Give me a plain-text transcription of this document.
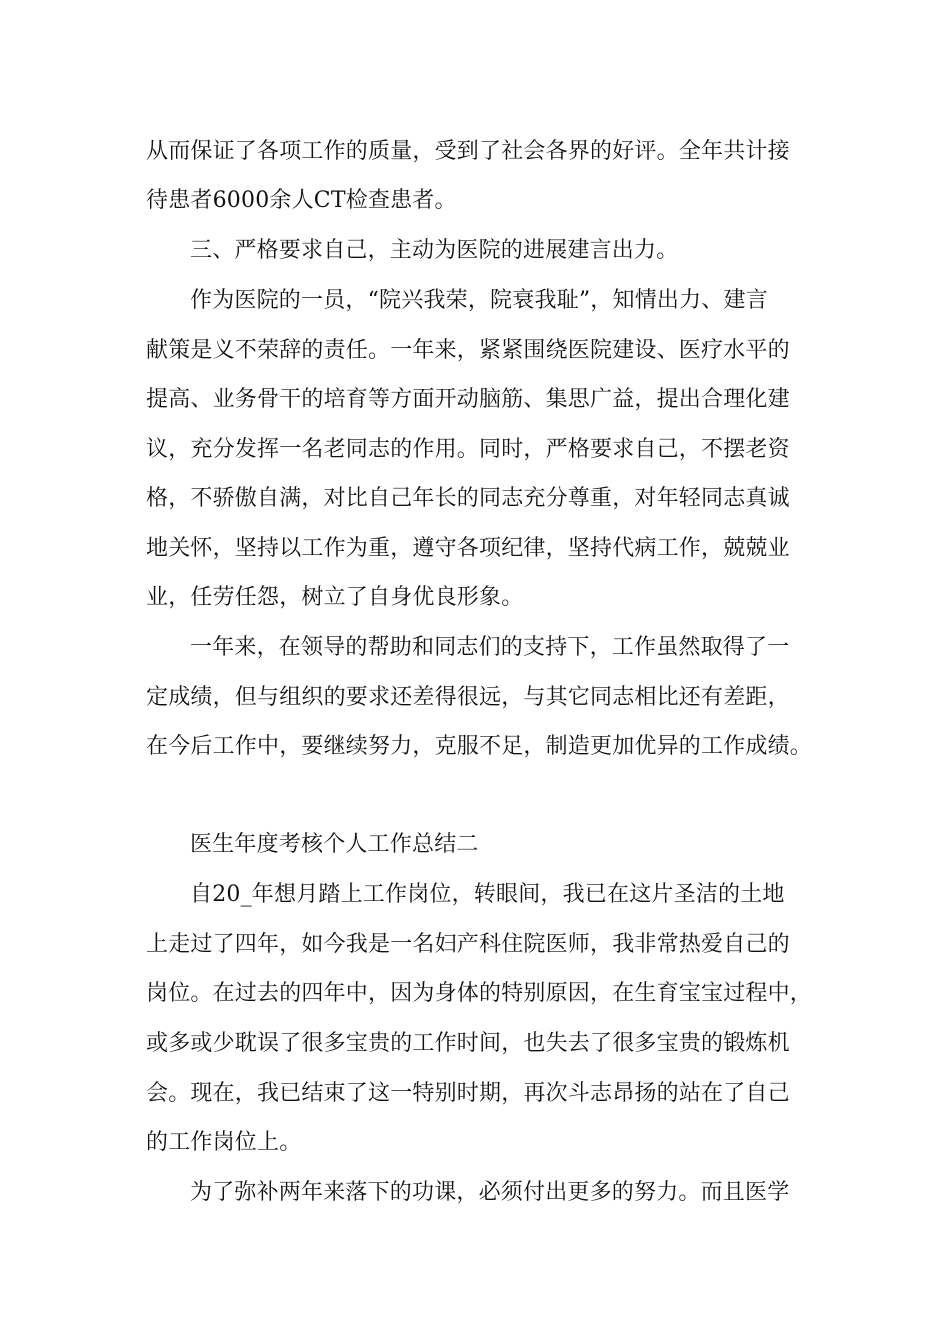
从而保证了各项工作的质量，受到了社会各界的好评。全年共计接
待患者6000余人CT检查患者。
三、严格要求自己，主动为医院的进展建言出力。
作为医院的一员，“院兴我荣，院衰我耻”，知情出力、建言
献策是义不荣辞的责任。一年来，紧紧围绕医院建设、医疗水平的
提高、业务骨干的培育等方面开动脑筋、集思广益，提出合理化建
议，充分发挥一名老同志的作用。同时，严格要求自己，不摆老资
格，不骄傲自满，对比自己年长的同志充分尊重，对年轻同志真诚
地关怀，坚持以工作为重，遵守各项纪律，坚持代病工作，兢兢业
业，任劳任怨，树立了自身优良形象。
一年来，在领导的帮助和同志们的支持下，工作虽然取得了一
定成绩，但与组织的要求还差得很远，与其它同志相比还有差距，
在今后工作中，要继续努力，克服不足，制造更加优异的工作成绩。
医生年度考核个人工作总结二
自20_年想月踏上工作岗位，转眼间，我已在这片圣洁的土地
上走过了四年，如今我是一名妇产科住院医师，我非常热爱自己的
岗位。在过去的四年中，因为身体的特别原因，在生育宝宝过程中，
或多或少耽误了很多宝贵的工作时间，也失去了很多宝贵的锻炼机
会。现在，我已结束了这一特别时期，再次斗志昂扬的站在了自己
的工作岗位上。
为了弥补两年来落下的功课，必须付出更多的努力。而且医学
